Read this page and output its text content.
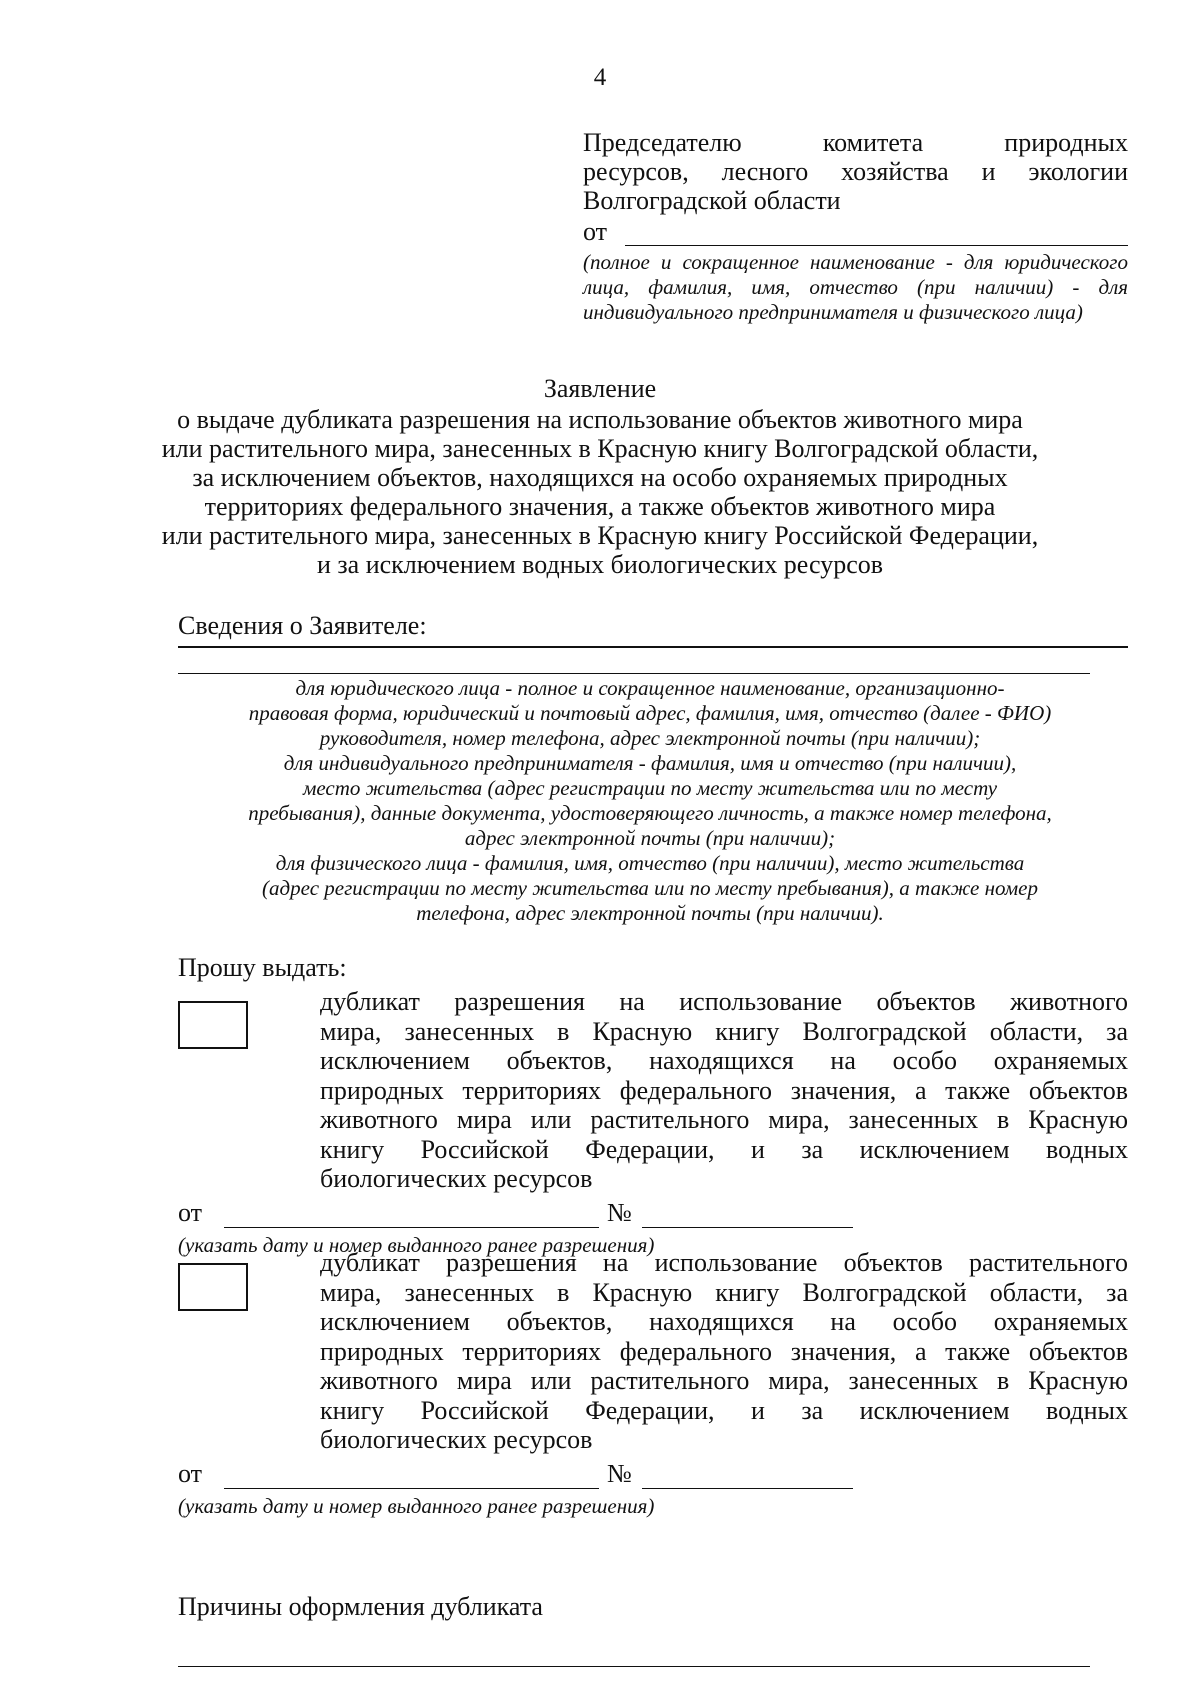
4
Председателю комитета природных
ресурсов, лесного хозяйства и экологии
Волгоградской области
от
(полное и сокращенное наименование - для юридического лица, фамилия, имя, отчество (при наличии) - для индивидуального предпринимателя и физического лица)
Заявление
о выдаче дубликата разрешения на использование объектов животного мира
или растительного мира, занесенных в Красную книгу Волгоградской области,
за исключением объектов, находящихся на особо охраняемых природных
территориях федерального значения, а также объектов животного мира
или растительного мира, занесенных в Красную книгу Российской Федерации,
и за исключением водных биологических ресурсов
Сведения о Заявителе:
для юридического лица - полное и сокращенное наименование, организационно-
правовая форма, юридический и почтовый адрес, фамилия, имя, отчество (далее - ФИО)
руководителя, номер телефона, адрес электронной почты (при наличии);
для индивидуального предпринимателя - фамилия, имя и отчество (при наличии),
место жительства (адрес регистрации по месту жительства или по месту
пребывания), данные документа, удостоверяющего личность, а также номер телефона,
адрес электронной почты (при наличии);
для физического лица - фамилия, имя, отчество (при наличии), место жительства
(адрес регистрации по месту жительства или по месту пребывания), а также номер
телефона, адрес электронной почты (при наличии).
Прошу выдать:
дубликат разрешения на использование объектов животного
мира, занесенных в Красную книгу Волгоградской области, за
исключением объектов, находящихся на особо охраняемых
природных территориях федерального значения, а также объектов
животного мира или растительного мира, занесенных в Красную
книгу Российской Федерации, и за исключением водных
биологических ресурсов
от	№
(указать дату и номер выданного ранее разрешения)
дубликат разрешения на использование объектов растительного
мира, занесенных в Красную книгу Волгоградской области, за
исключением объектов, находящихся на особо охраняемых
природных территориях федерального значения, а также объектов
животного мира или растительного мира, занесенных в Красную
книгу Российской Федерации, и за исключением водных
биологических ресурсов
от	№
(указать дату и номер выданного ранее разрешения)
Причины оформления дубликата
